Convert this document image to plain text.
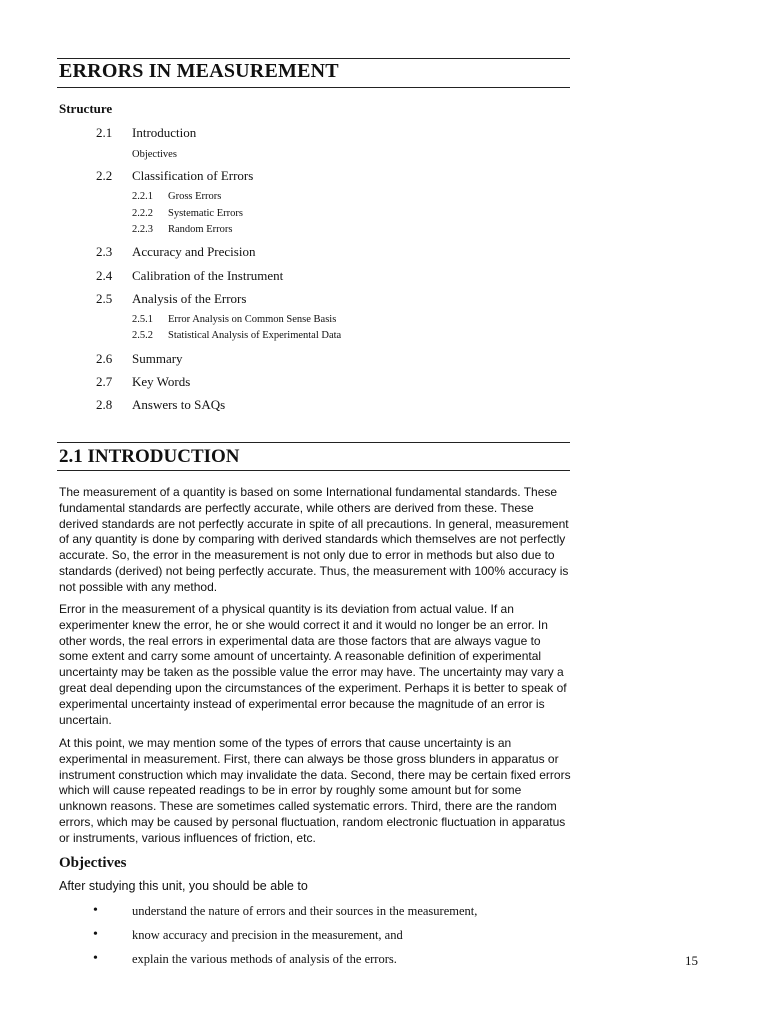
ERRORS IN MEASUREMENT
Structure
2.1 Introduction
Objectives
2.2 Classification of Errors
2.2.1 Gross Errors
2.2.2 Systematic Errors
2.2.3 Random Errors
2.3 Accuracy and Precision
2.4 Calibration of the Instrument
2.5 Analysis of the Errors
2.5.1 Error Analysis on Common Sense Basis
2.5.2 Statistical Analysis of Experimental Data
2.6 Summary
2.7 Key Words
2.8 Answers to SAQs
2.1 INTRODUCTION

The measurement of a quantity is based on some International fundamental standards. These fundamental standards are perfectly accurate, while others are derived from these. These derived standards are not perfectly accurate in spite of all precautions. In general, measurement of any quantity is done by comparing with derived standards which themselves are not perfectly accurate. So, the error in the measurement is not only due to error in methods but also due to standards (derived) not being perfectly accurate. Thus, the measurement with 100% accuracy is not possible with any method.

Error in the measurement of a physical quantity is its deviation from actual value. If an experimenter knew the error, he or she would correct it and it would no longer be an error. In other words, the real errors in experimental data are those factors that are always vague to some extent and carry some amount of uncertainty. A reasonable definition of experimental uncertainty may be taken as the possible value the error may have. The uncertainty may vary a great deal depending upon the circumstances of the experiment. Perhaps it is better to speak of experimental uncertainty instead of experimental error because the magnitude of an error is uncertain.

At this point, we may mention some of the types of errors that cause uncertainty is an experimental in measurement. First, there can always be those gross blunders in apparatus or instrument construction which may invalidate the data. Second, there may be certain fixed errors which will cause repeated readings to be in error by roughly some amount but for some unknown reasons. These are sometimes called systematic errors. Third, there are the random errors, which may be caused by personal fluctuation, random electronic fluctuation in apparatus or instruments, various influences of friction, etc.

Objectives
After studying this unit, you should be able to
•	understand the nature of errors and their sources in the measurement,
•	know accuracy and precision in the measurement, and
•	explain the various methods of analysis of the errors.	15
